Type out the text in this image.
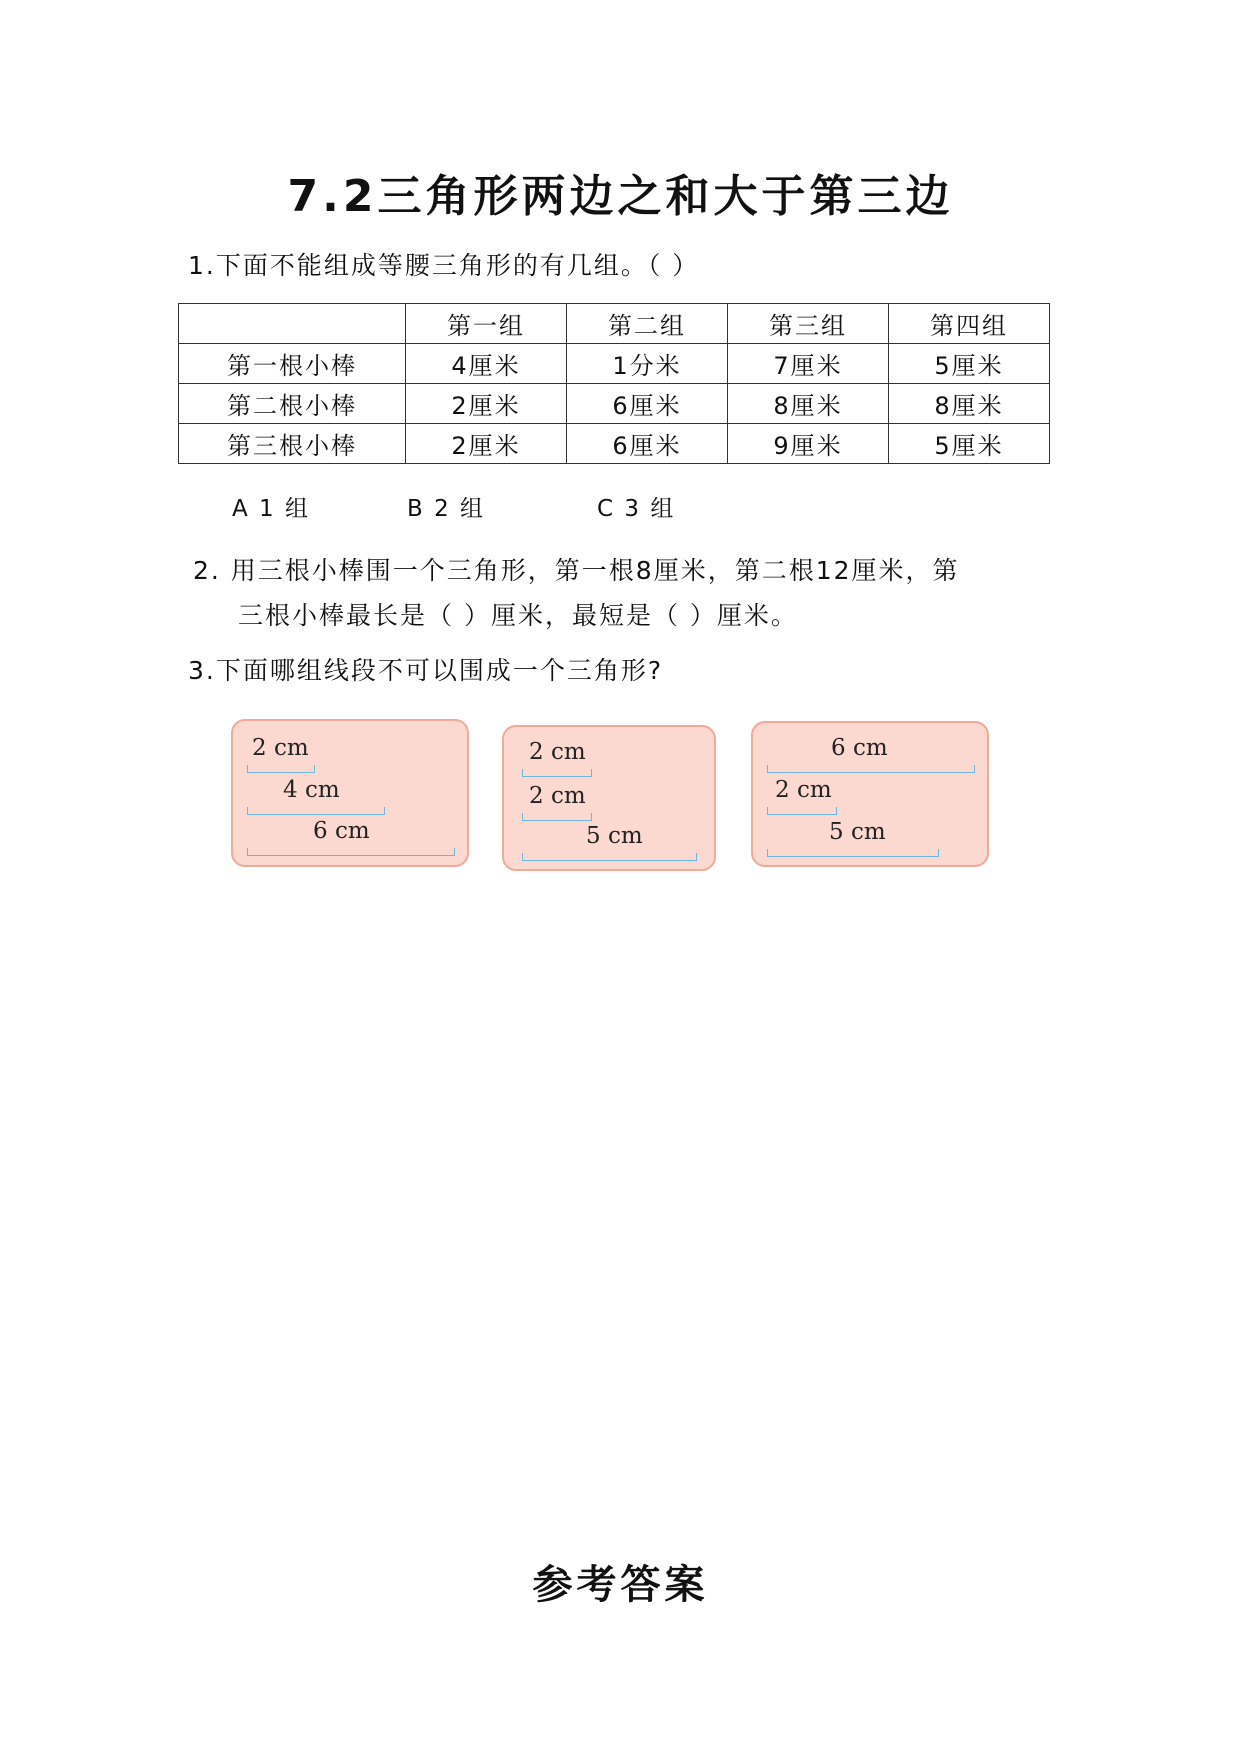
7.2三角形两边之和大于第三边
1.下面不能组成等腰三角形的有几组。（ ）
	第一组	第二组	第三组	第四组
第一根小棒	4厘米	1分米	7厘米	5厘米
第二根小棒	2厘米	6厘米	8厘米	8厘米
第三根小棒	2厘米	6厘米	9厘米	5厘米
A 1 组	B 2 组	C 3 组
2. 用三根小棒围一个三角形，第一根8厘米，第二根12厘米，第
三根小棒最长是（ ）厘米，最短是（ ）厘米。
3.下面哪组线段不可以围成一个三角形?
2 cm
4 cm
6 cm
2 cm
2 cm
5 cm
6 cm
2 cm
5 cm
参考答案
